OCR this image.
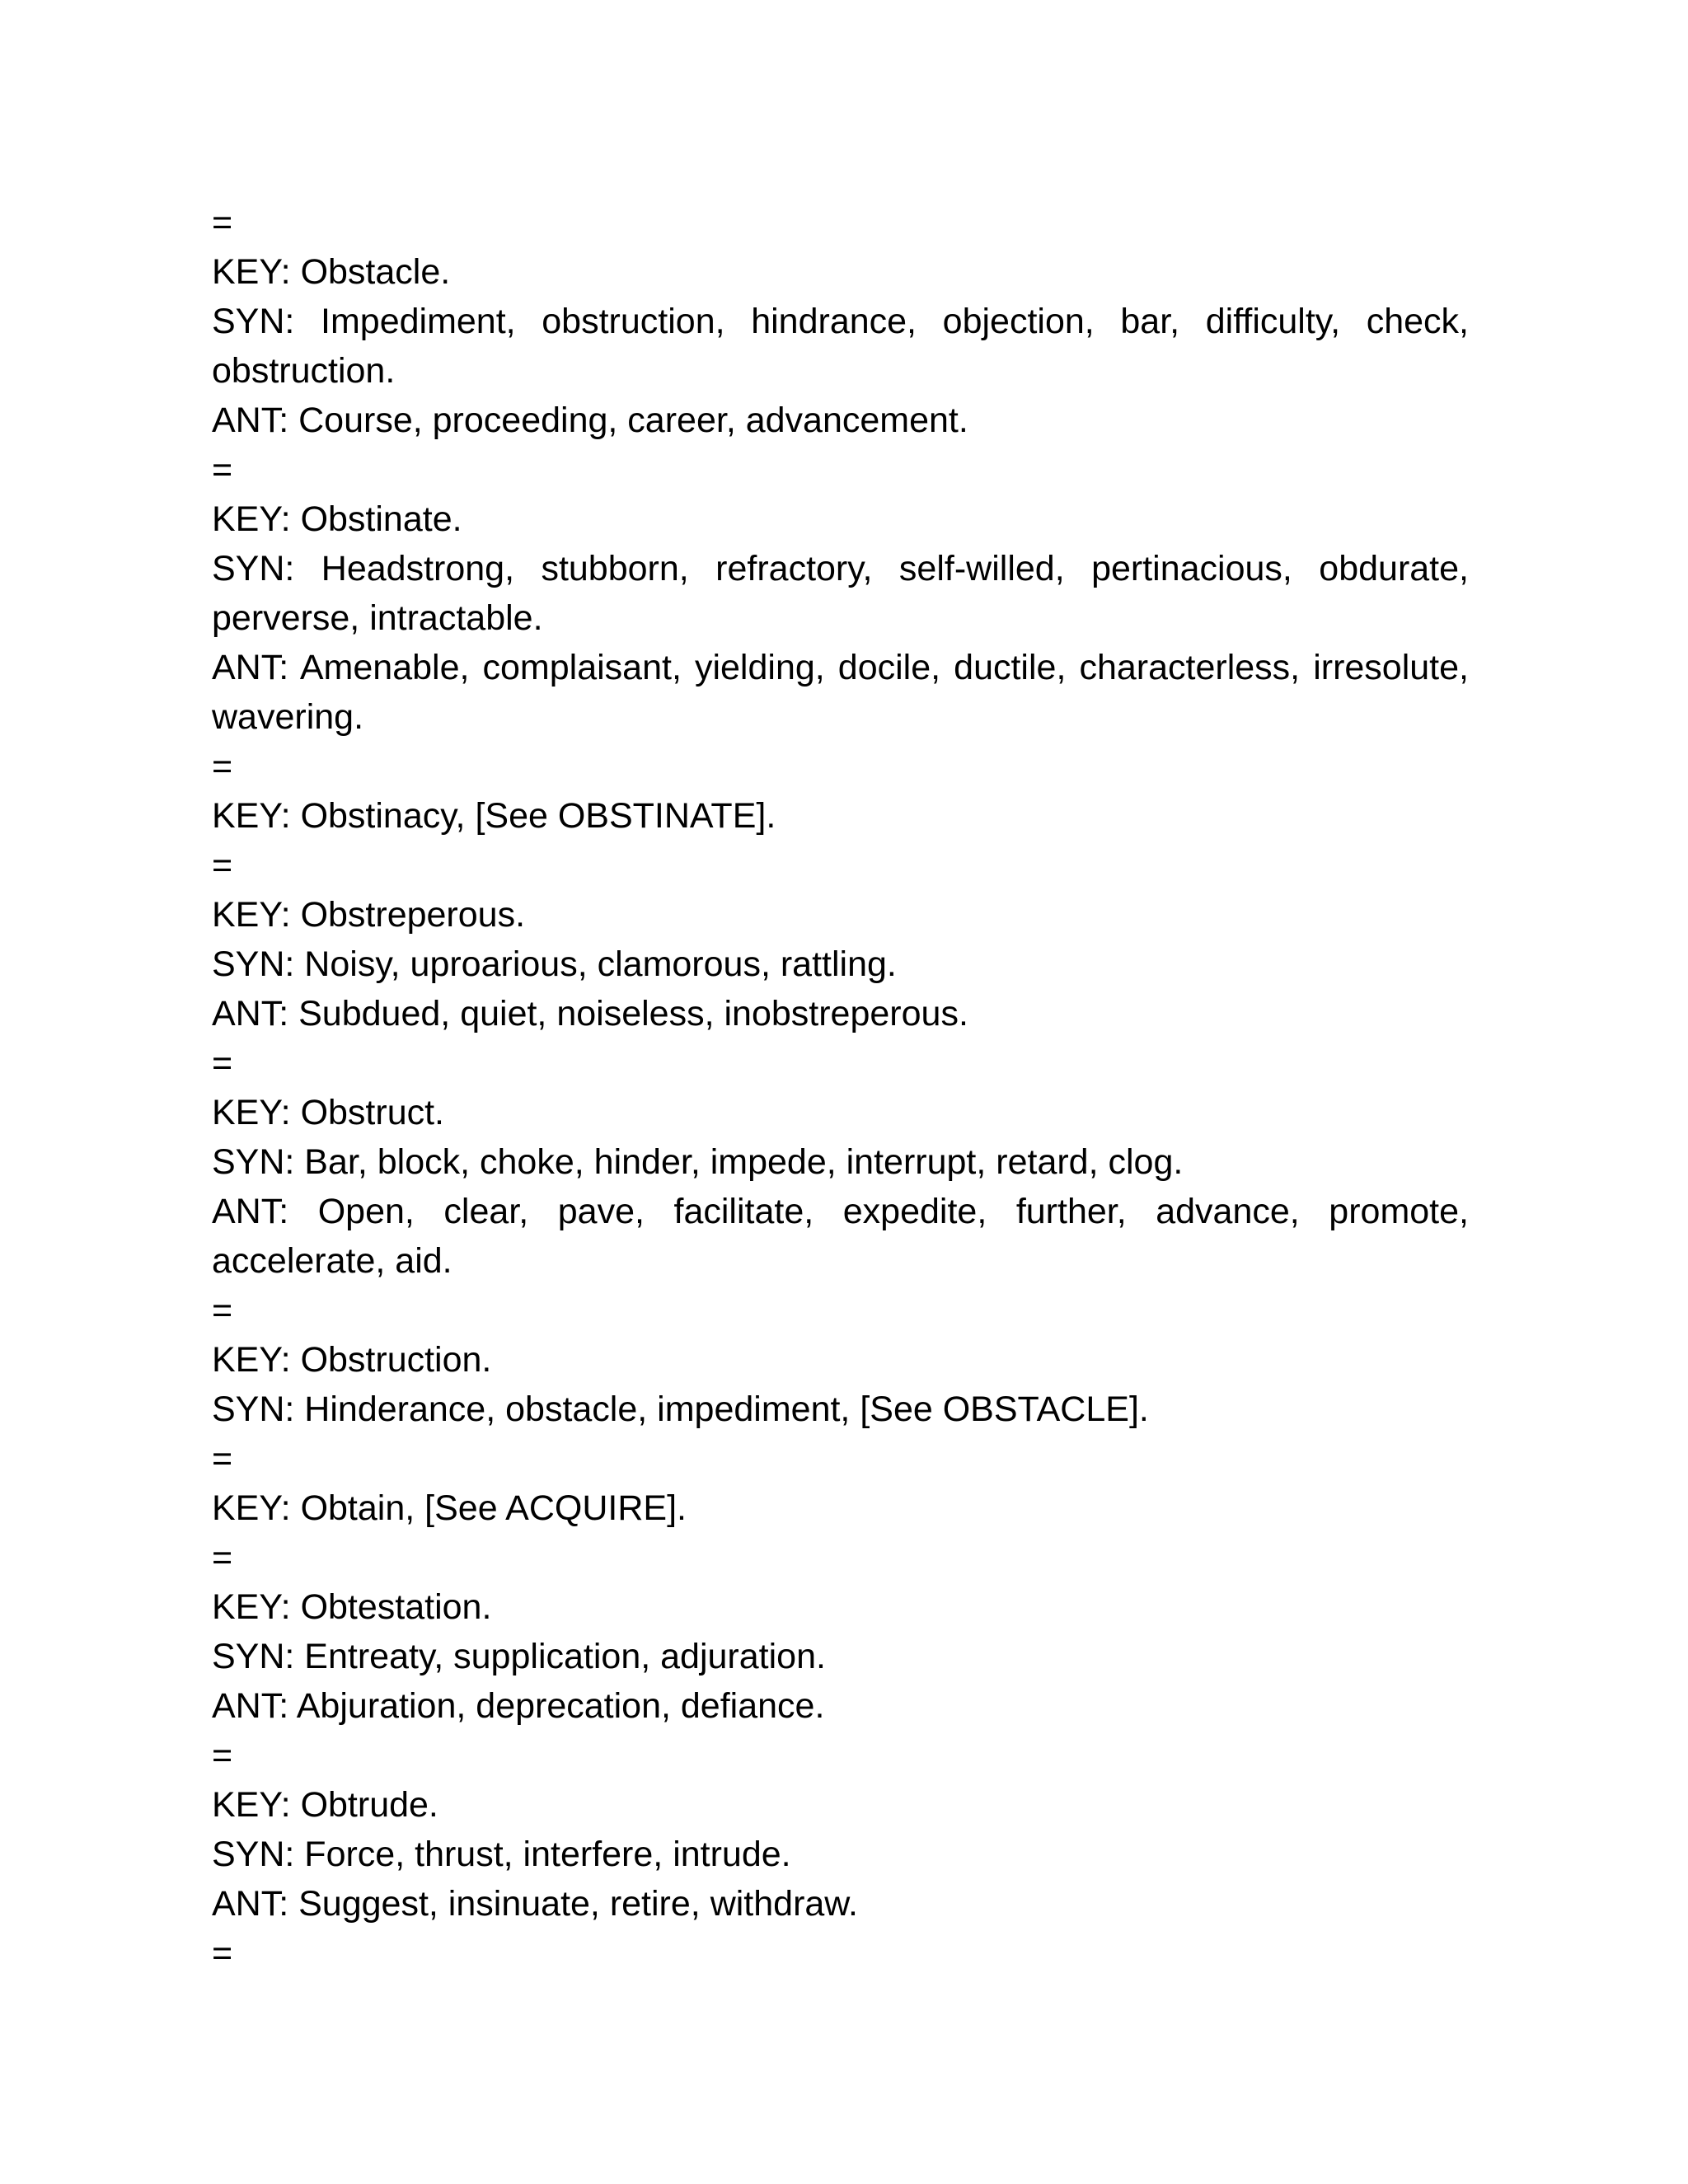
=
KEY: Obstacle.
SYN: Impediment, obstruction, hindrance, objection, bar, difficulty, check, obstruction.
ANT: Course, proceeding, career, advancement.
=
KEY: Obstinate.
SYN: Headstrong, stubborn, refractory, self-willed, pertinacious, obdurate, perverse, intractable.
ANT: Amenable, complaisant, yielding, docile, ductile, characterless, irresolute, wavering.
=
KEY: Obstinacy, [See OBSTINATE].
=
KEY: Obstreperous.
SYN: Noisy, uproarious, clamorous, rattling.
ANT: Subdued, quiet, noiseless, inobstreperous.
=
KEY: Obstruct.
SYN: Bar, block, choke, hinder, impede, interrupt, retard, clog.
ANT: Open, clear, pave, facilitate, expedite, further, advance, promote, accelerate, aid.
=
KEY: Obstruction.
SYN: Hinderance, obstacle, impediment, [See OBSTACLE].
=
KEY: Obtain, [See ACQUIRE].
=
KEY: Obtestation.
SYN: Entreaty, supplication, adjuration.
ANT: Abjuration, deprecation, defiance.
=
KEY: Obtrude.
SYN: Force, thrust, interfere, intrude.
ANT: Suggest, insinuate, retire, withdraw.
=
